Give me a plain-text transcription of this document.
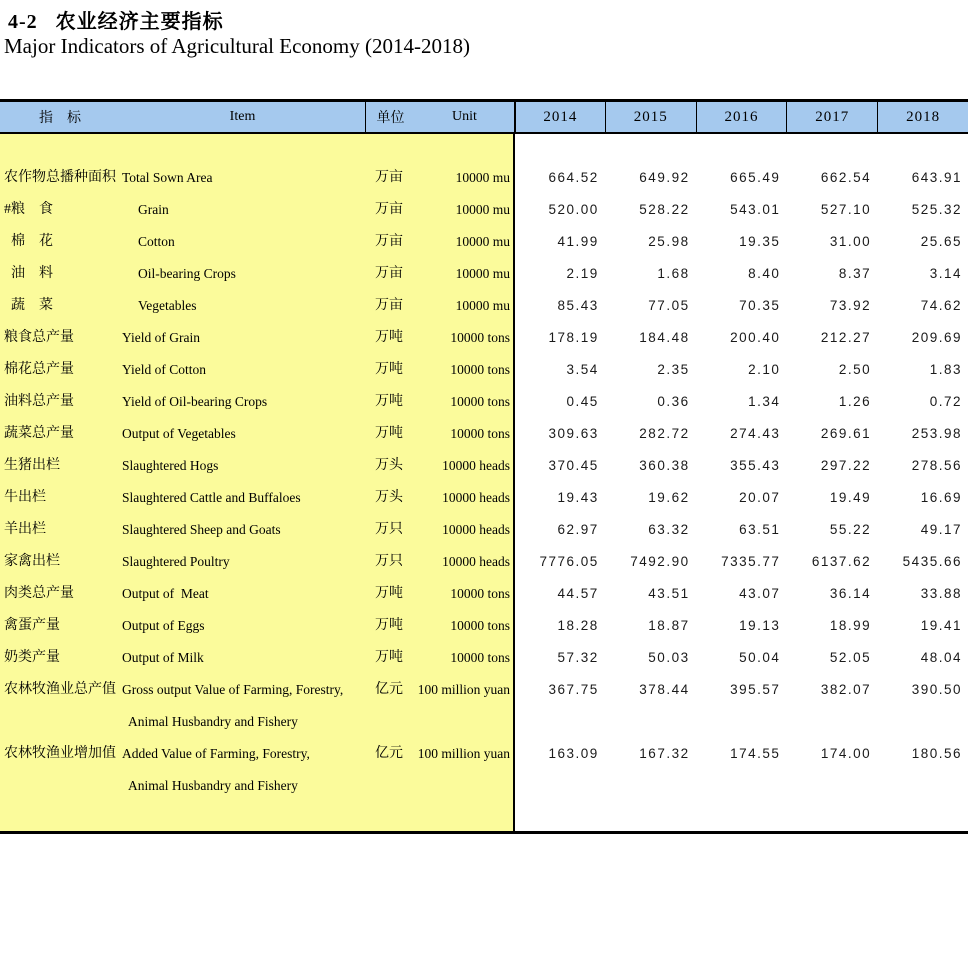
4-2   农业经济主要指标
Major Indicators of Agricultural Economy (2014-2018)
指　标	Item	单位	Unit	2014	2015	2016	2017	2018
农作物总播种面积 Total Sown Area	万亩	10000 mu	664.52	649.92	665.49	662.54	643.91
#粮　食	Grain	万亩	10000 mu	520.00	528.22	543.01	527.10	525.32
棉　花	Cotton	万亩	10000 mu	41.99	25.98	19.35	31.00	25.65
油　料	Oil-bearing Crops	万亩	10000 mu	2.19	1.68	8.40	8.37	3.14
蔬　菜	Vegetables	万亩	10000 mu	85.43	77.05	70.35	73.92	74.62
粮食总产量	Yield of Grain	万吨	10000 tons	178.19	184.48	200.40	212.27	209.69
棉花总产量	Yield of Cotton	万吨	10000 tons	3.54	2.35	2.10	2.50	1.83
油料总产量	Yield of Oil-bearing Crops	万吨	10000 tons	0.45	0.36	1.34	1.26	0.72
蔬菜总产量	Output of Vegetables	万吨	10000 tons	309.63	282.72	274.43	269.61	253.98
生猪出栏	Slaughtered Hogs	万头	10000 heads	370.45	360.38	355.43	297.22	278.56
牛出栏	Slaughtered Cattle and Buffaloes	万头	10000 heads	19.43	19.62	20.07	19.49	16.69
羊出栏	Slaughtered Sheep and Goats	万只	10000 heads	62.97	63.32	63.51	55.22	49.17
家禽出栏	Slaughtered Poultry	万只	10000 heads	7776.05	7492.90	7335.77	6137.62	5435.66
肉类总产量	Output of  Meat	万吨	10000 tons	44.57	43.51	43.07	36.14	33.88
禽蛋产量	Output of Eggs	万吨	10000 tons	18.28	18.87	19.13	18.99	19.41
奶类产量	Output of Milk	万吨	10000 tons	57.32	50.03	50.04	52.05	48.04
农林牧渔业总产值 Gross output Value of Farming, Forestry,
Animal Husbandry and Fishery
亿元	100 million yuan	367.75	378.44	395.57	382.07	390.50
农林牧渔业增加值 Added Value of Farming, Forestry,
Animal Husbandry and Fishery
亿元	100 million yuan	163.09	167.32	174.55	174.00	180.56
